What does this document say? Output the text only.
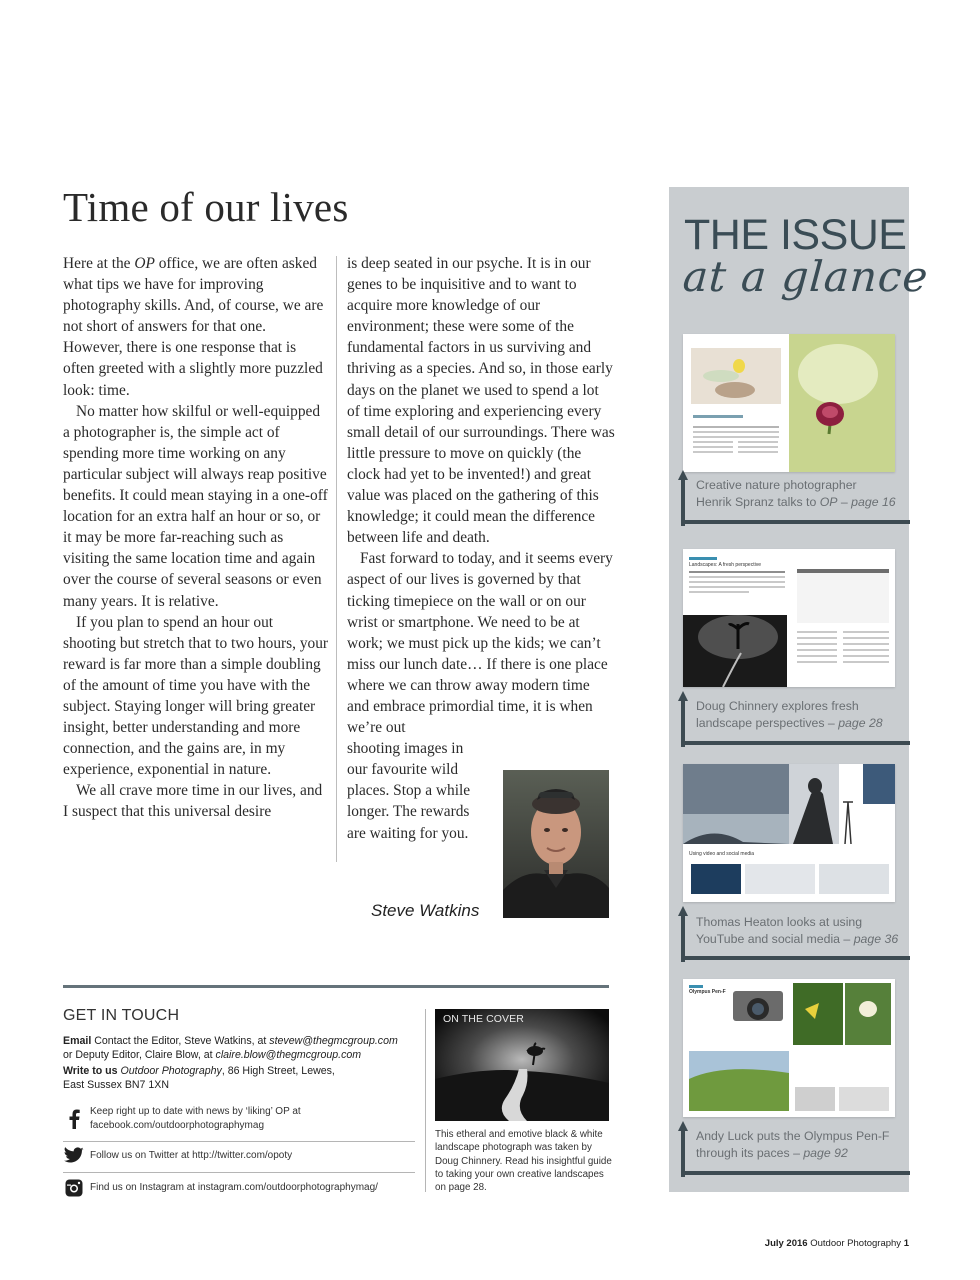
Time of our lives

Here at the OP office, we are often asked what tips we have for improving photography skills. And, of course, we are not short of answers for that one. However, there is one response that is often greeted with a slightly more puzzled look: time.

No matter how skilful or well-equipped a photographer is, the simple act of spending more time working on any particular subject will always reap positive benefits. It could mean staying in a one-off location for an extra half an hour or so, or it may be more far-reaching such as visiting the same location time and again over the course of several seasons or even many years. It is relative.

If you plan to spend an hour out shooting but stretch that to two hours, your reward is far more than a simple doubling of the amount of time you have with the subject. Staying longer will bring greater insight, better understanding and more connection, and the gains are, in my experience, exponential in nature.

We all crave more time in our lives, and I suspect that this universal desire

is deep seated in our psyche. It is in our genes to be inquisitive and to want to acquire more knowledge of our environment; these were some of the fundamental factors in us surviving and thriving as a species. And so, in those early days on the planet we used to spend a lot of time exploring and experiencing every small detail of our surroundings. There was little pressure to move on quickly (the clock had yet to be invented!) and great value was placed on the gathering of this knowledge; it could mean the difference between life and death.

Fast forward to today, and it seems every aspect of our lives is governed by that ticking timepiece on the wall or on our wrist or smartphone. We need to be at work; we must pick up the kids; we can’t miss our lunch date… If there is one place where we can throw away modern time and embrace primordial time, it is when we’re out

shooting images in
our favourite wild
places. Stop a while
longer. The rewards
are waiting for you.
Steve Watkins
GET IN TOUCH
Email Contact the Editor, Steve Watkins, at stevew@thegmcgroup.com
or Deputy Editor, Claire Blow, at claire.blow@thegmcgroup.com
Write to us Outdoor Photography, 86 High Street, Lewes,
East Sussex BN7 1XN
Keep right up to date with news by ‘liking’ OP at
facebook.com/outdoorphotographymag
Follow us on Twitter at http://twitter.com/opoty
Find us on Instagram at instagram.com/outdoorphotographymag/
ON THE COVER
This etheral and emotive black & white landscape photograph was taken by Doug Chinnery. Read his insightful guide to taking your own creative landscapes on page 28.
THE ISSUE
at a glance
Creative nature photographer
Henrik Spranz talks to OP – page 16
Landscapes: A fresh perspective
Doug Chinnery explores fresh
landscape perspectives – page 28
Using video and social media
Thomas Heaton looks at using
YouTube and social media – page 36
Olympus Pen-F
Andy Luck puts the Olympus Pen-F
through its paces – page 92
July 2016 Outdoor Photography 1
